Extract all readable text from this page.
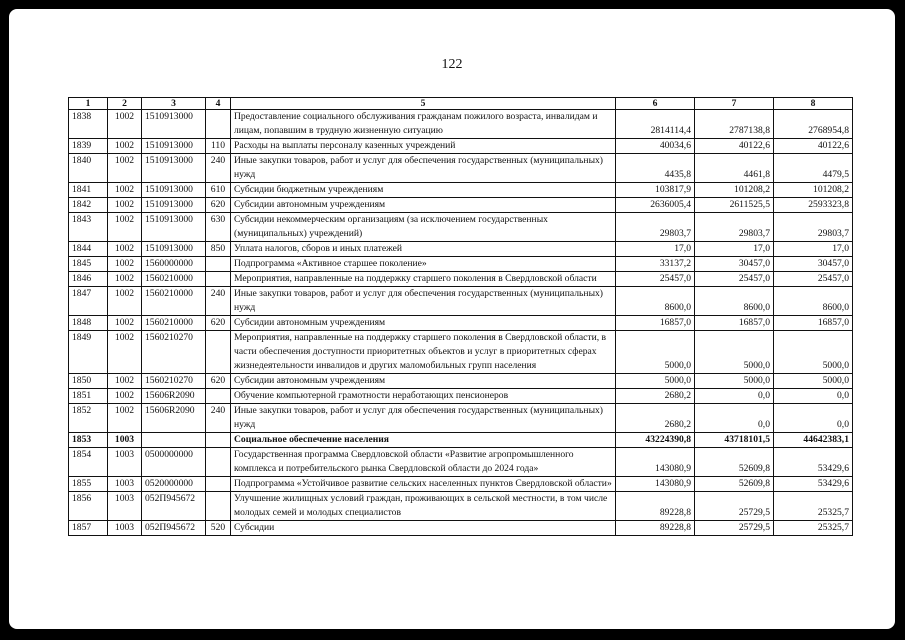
122
1	2	3	4	5	6	7	8
1838	1002	1510913000		Предоставление социального обслуживания гражданам пожилого возраста, инвалидам и лицам, попавшим в трудную жизненную ситуацию	2814114,4	2787138,8	2768954,8
1839	1002	1510913000	110	Расходы на выплаты персоналу казенных учреждений	40034,6	40122,6	40122,6
1840	1002	1510913000	240	Иные закупки товаров, работ и услуг для обеспечения государственных (муниципальных) нужд	4435,8	4461,8	4479,5
1841	1002	1510913000	610	Субсидии бюджетным учреждениям	103817,9	101208,2	101208,2
1842	1002	1510913000	620	Субсидии автономным учреждениям	2636005,4	2611525,5	2593323,8
1843	1002	1510913000	630	Субсидии некоммерческим организациям (за исключением государственных (муниципальных) учреждений)	29803,7	29803,7	29803,7
1844	1002	1510913000	850	Уплата налогов, сборов и иных платежей	17,0	17,0	17,0
1845	1002	1560000000		Подпрограмма «Активное старшее поколение»	33137,2	30457,0	30457,0
1846	1002	1560210000		Мероприятия, направленные на поддержку старшего поколения в Свердловской области	25457,0	25457,0	25457,0
1847	1002	1560210000	240	Иные закупки товаров, работ и услуг для обеспечения государственных (муниципальных) нужд	8600,0	8600,0	8600,0
1848	1002	1560210000	620	Субсидии автономным учреждениям	16857,0	16857,0	16857,0
1849	1002	1560210270		Мероприятия, направленные на поддержку старшего поколения в Свердловской области, в части обеспечения доступности приоритетных объектов и услуг в приоритетных сферах жизнедеятельности инвалидов и других маломобильных групп населения	5000,0	5000,0	5000,0
1850	1002	1560210270	620	Субсидии автономным учреждениям	5000,0	5000,0	5000,0
1851	1002	15606R2090		Обучение компьютерной грамотности неработающих пенсионеров	2680,2	0,0	0,0
1852	1002	15606R2090	240	Иные закупки товаров, работ и услуг для обеспечения государственных (муниципальных) нужд	2680,2	0,0	0,0
1853	1003			Социальное обеспечение населения	43224390,8	43718101,5	44642383,1
1854	1003	0500000000		Государственная программа Свердловской области «Развитие агропромышленного комплекса и потребительского рынка Свердловской области до 2024 года»	143080,9	52609,8	53429,6
1855	1003	0520000000		Подпрограмма «Устойчивое развитие сельских населенных пунктов Свердловской области»	143080,9	52609,8	53429,6
1856	1003	052П945672		Улучшение жилищных условий граждан, проживающих в сельской местности, в том числе молодых семей и молодых специалистов	89228,8	25729,5	25325,7
1857	1003	052П945672	520	Субсидии	89228,8	25729,5	25325,7
